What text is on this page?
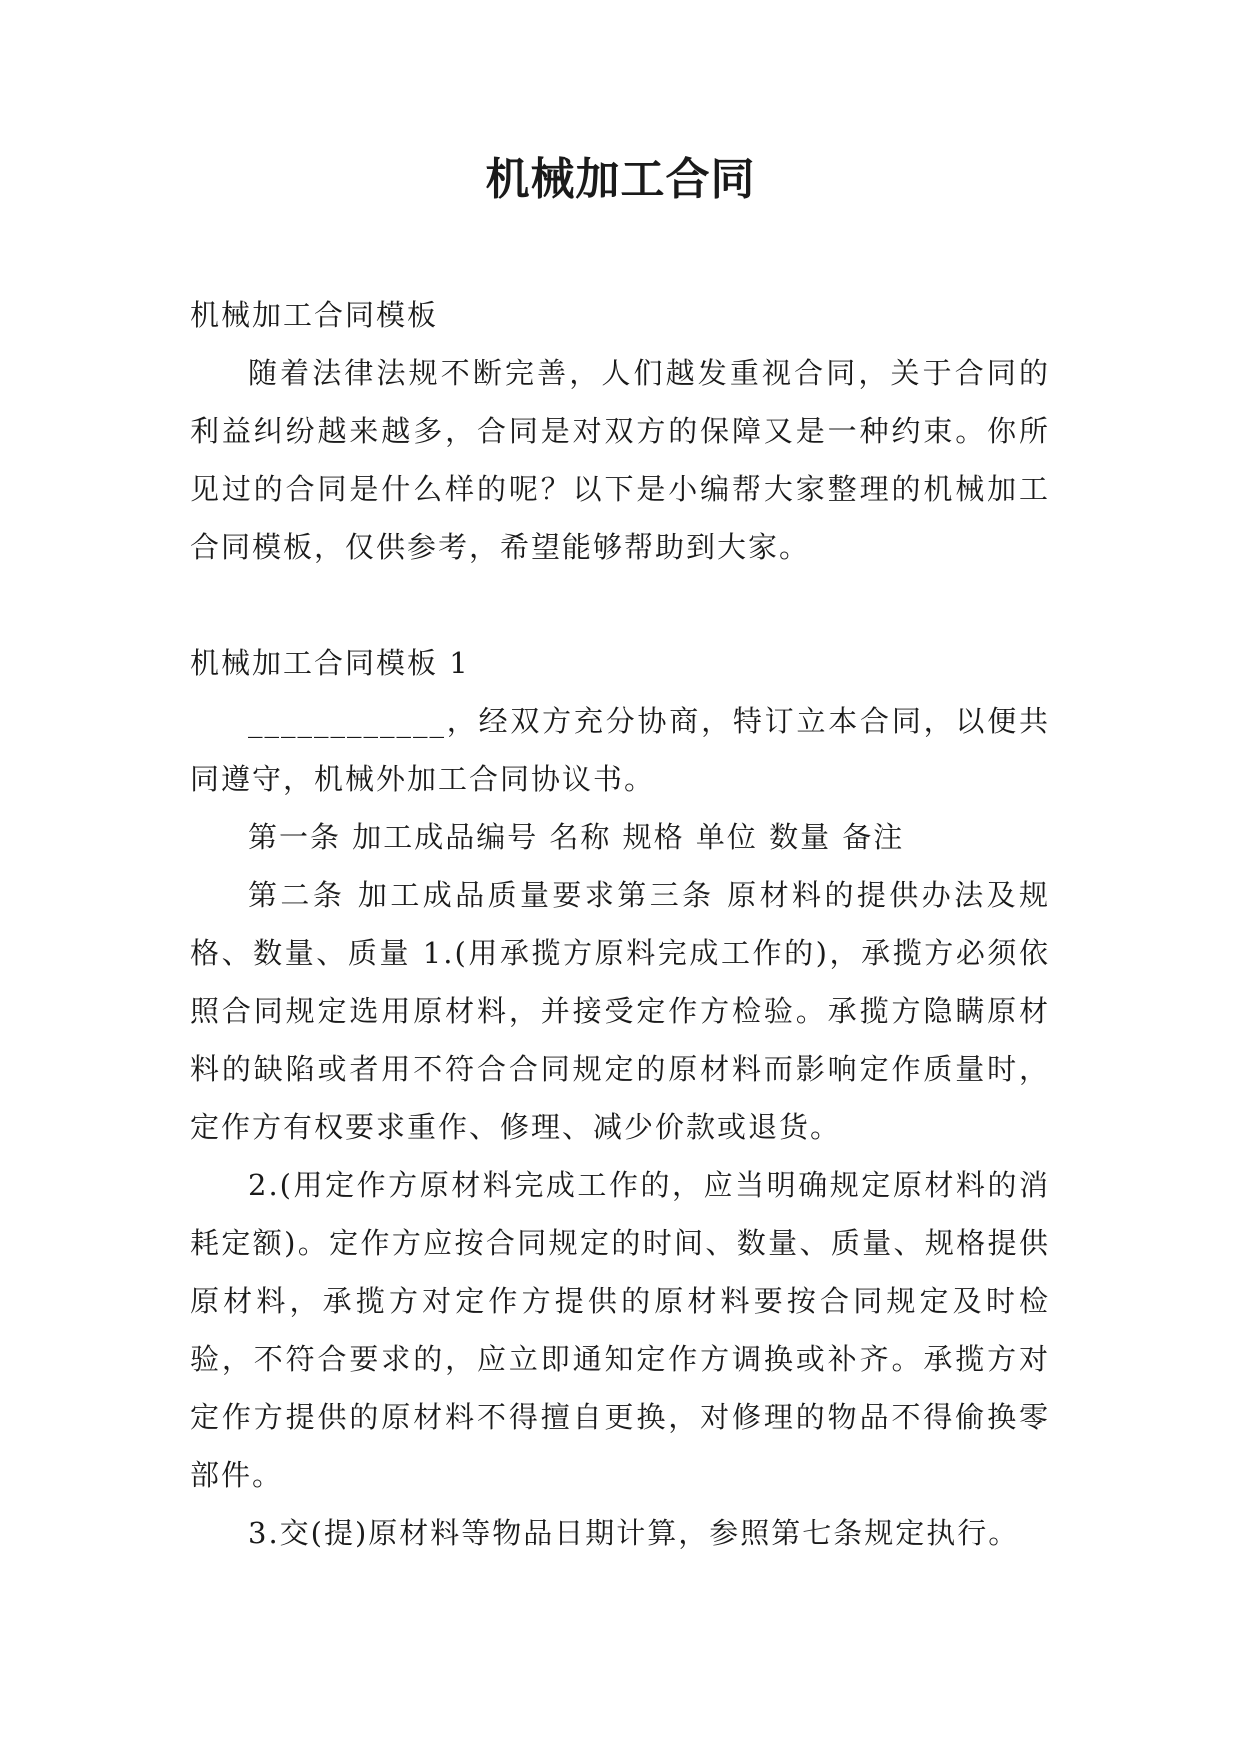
机械加工合同

机械加工合同模板

随着法律法规不断完善，人们越发重视合同，关于合同的利益纠纷越来越多，合同是对双方的保障又是一种约束。你所见过的合同是什么样的呢？以下是小编帮大家整理的机械加工合同模板，仅供参考，希望能够帮助到大家。

机械加工合同模板 1

____________，经双方充分协商，特订立本合同，以便共同遵守，机械外加工合同协议书。

第一条 加工成品编号 名称 规格 单位 数量 备注

第二条 加工成品质量要求第三条 原材料的提供办法及规格、数量、质量 1.(用承揽方原料完成工作的)，承揽方必须依照合同规定选用原材料，并接受定作方检验。承揽方隐瞒原材料的缺陷或者用不符合合同规定的原材料而影响定作质量时，定作方有权要求重作、修理、减少价款或退货。

2.(用定作方原材料完成工作的，应当明确规定原材料的消耗定额)。定作方应按合同规定的时间、数量、质量、规格提供原材料，承揽方对定作方提供的原材料要按合同规定及时检验，不符合要求的，应立即通知定作方调换或补齐。承揽方对定作方提供的原材料不得擅自更换，对修理的物品不得偷换零部件。

3.交(提)原材料等物品日期计算，参照第七条规定执行。
